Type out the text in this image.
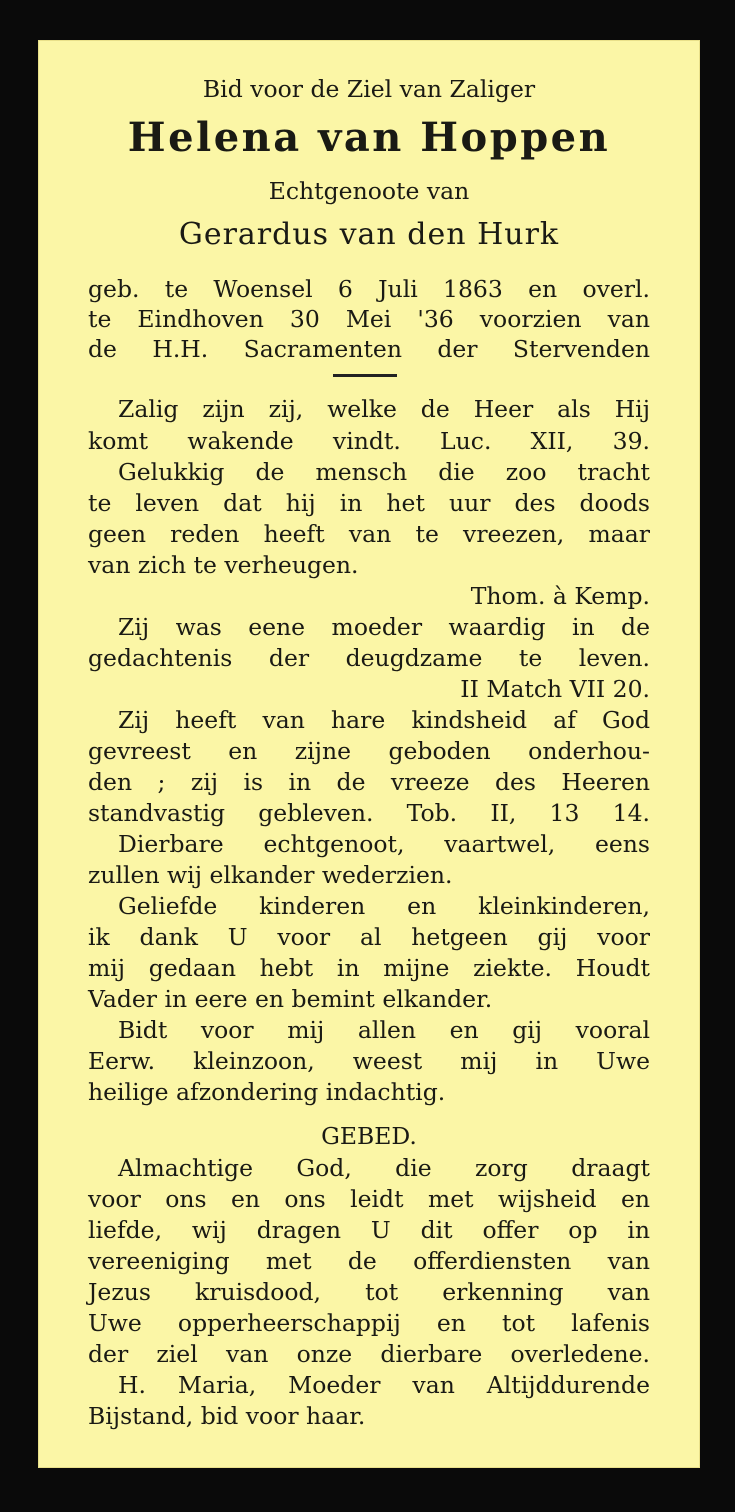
Bid voor de Ziel van Zaliger
Helena van Hoppen
Echtgenoote van
Gerardus van den Hurk
geb. te Woensel 6 Juli 1863 en overl.
te Eindhoven 30 Mei '36 voorzien van
de H.H. Sacramenten der Stervenden
Zalig zijn zij, welke de Heer als Hij
komt wakende vindt. Luc. XII, 39.
Gelukkig de mensch die zoo tracht
te leven dat hij in het uur des doods
geen reden heeft van te vreezen, maar
van zich te verheugen.
Thom. à Kemp.
Zij was eene moeder waardig in de
gedachtenis der deugdzame te leven.
II Match VII 20.
Zij heeft van hare kindsheid af God
gevreest en zijne geboden onderhou-
den ; zij is in de vreeze des Heeren
standvastig gebleven. Tob. II, 13 14.
Dierbare echtgenoot, vaartwel, eens
zullen wij elkander wederzien.
Geliefde kinderen en kleinkinderen,
ik dank U voor al hetgeen gij voor
mij gedaan hebt in mijne ziekte. Houdt
Vader in eere en bemint elkander.
Bidt voor mij allen en gij vooral
Eerw. kleinzoon, weest mij in Uwe
heilige afzondering indachtig.
GEBED.
Almachtige God, die zorg draagt
voor ons en ons leidt met wijsheid en
liefde, wij dragen U dit offer op in
vereeniging met de offerdiensten van
Jezus kruisdood, tot erkenning van
Uwe opperheerschappij en tot lafenis
der ziel van onze dierbare overledene.
H. Maria, Moeder van Altijddurende
Bijstand, bid voor haar.
